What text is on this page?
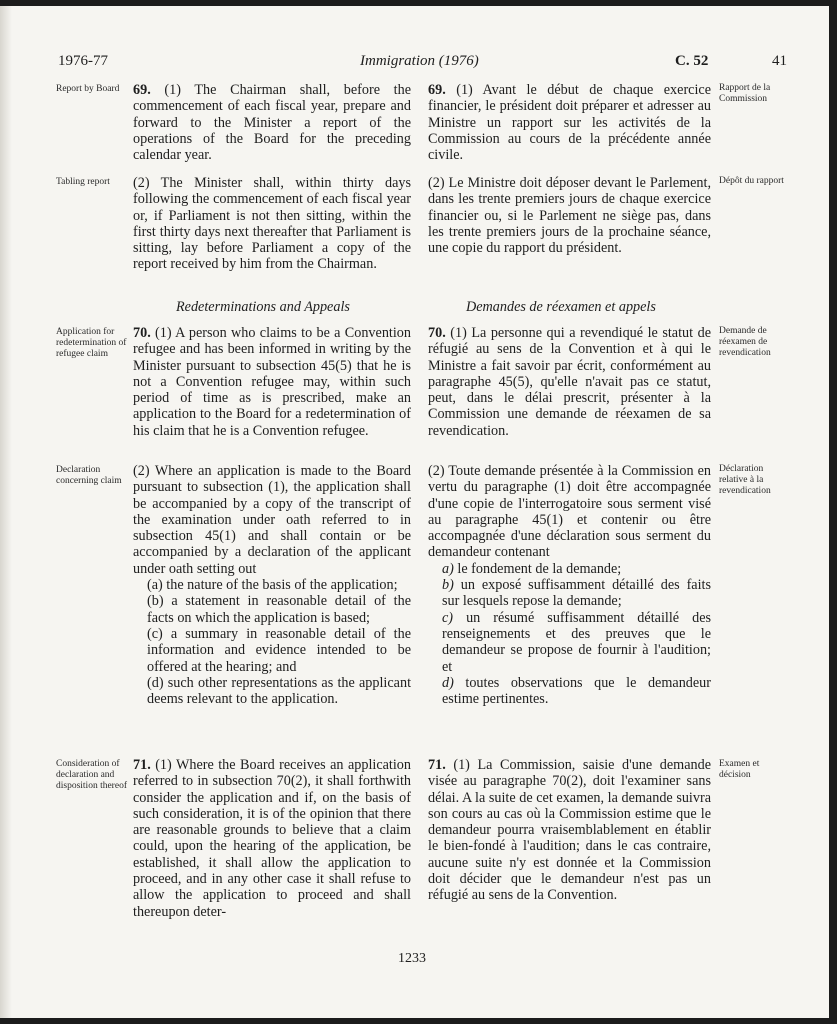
1976-77	Immigration (1976)	C. 52	41
Report by Board
Tabling report
Application for redetermination of refugee claim
Declaration concerning claim
Consideration of declaration and disposition thereof
Rapport de la Commission
Dépôt du rapport
Demande de réexamen de revendication
Déclaration relative à la revendication
Examen et décision
Redeterminations and Appeals	Demandes de réexamen et appels

69. (1) The Chairman shall, before the commencement of each fiscal year, prepare and forward to the Minister a report of the operations of the Board for the preceding calendar year.

(2) The Minister shall, within thirty days following the commencement of each fiscal year or, if Parliament is not then sitting, within the first thirty days next thereafter that Parliament is sitting, lay before Parliament a copy of the report received by him from the Chairman.

70. (1) A person who claims to be a Convention refugee and has been informed in writing by the Minister pursuant to subsection 45(5) that he is not a Convention refugee may, within such period of time as is prescribed, make an application to the Board for a redetermination of his claim that he is a Convention refugee.

(2) Where an application is made to the Board pursuant to subsection (1), the application shall be accompanied by a copy of the transcript of the examination under oath referred to in subsection 45(1) and shall contain or be accompanied by a declaration of the applicant under oath setting out

(a) the nature of the basis of the application;

(b) a statement in reasonable detail of the facts on which the application is based;

(c) a summary in reasonable detail of the information and evidence intended to be offered at the hearing; and

(d) such other representations as the applicant deems relevant to the application.

71. (1) Where the Board receives an application referred to in subsection 70(2), it shall forthwith consider the application and if, on the basis of such consideration, it is of the opinion that there are reasonable grounds to believe that a claim could, upon the hearing of the application, be established, it shall allow the application to proceed, and in any other case it shall refuse to allow the application to proceed and shall thereupon deter-

69. (1) Avant le début de chaque exercice financier, le président doit préparer et adresser au Ministre un rapport sur les activités de la Commission au cours de la précédente année civile.

(2) Le Ministre doit déposer devant le Parlement, dans les trente premiers jours de chaque exercice financier ou, si le Parlement ne siège pas, dans les trente premiers jours de la prochaine séance, une copie du rapport du président.

70. (1) La personne qui a revendiqué le statut de réfugié au sens de la Convention et à qui le Ministre a fait savoir par écrit, conformément au paragraphe 45(5), qu'elle n'avait pas ce statut, peut, dans le délai prescrit, présenter à la Commission une demande de réexamen de sa revendication.

(2) Toute demande présentée à la Commission en vertu du paragraphe (1) doit être accompagnée d'une copie de l'interrogatoire sous serment visé au paragraphe 45(1) et contenir ou être accompagnée d'une déclaration sous serment du demandeur contenant

a) le fondement de la demande;

b) un exposé suffisamment détaillé des faits sur lesquels repose la demande;

c) un résumé suffisamment détaillé des renseignements et des preuves que le demandeur se propose de fournir à l'audition; et

d) toutes observations que le demandeur estime pertinentes.

71. (1) La Commission, saisie d'une demande visée au paragraphe 70(2), doit l'examiner sans délai. A la suite de cet examen, la demande suivra son cours au cas où la Commission estime que le demandeur pourra vraisemblablement en établir le bien-fondé à l'audition; dans le cas contraire, aucune suite n'y est donnée et la Commission doit décider que le demandeur n'est pas un réfugié au sens de la Convention.

1233
